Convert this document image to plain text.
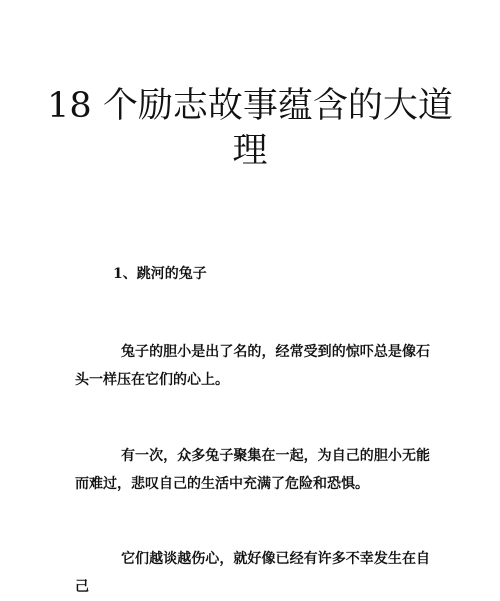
18 个励志故事蕴含的大道理
1、跳河的兔子
兔子的胆小是出了名的，经常受到的惊吓总是像石头一样压在它们的心上。
有一次，众多兔子聚集在一起，为自己的胆小无能而难过，悲叹自己的生活中充满了危险和恐惧。
它们越谈越伤心，就好像已经有许多不幸发生在自己
